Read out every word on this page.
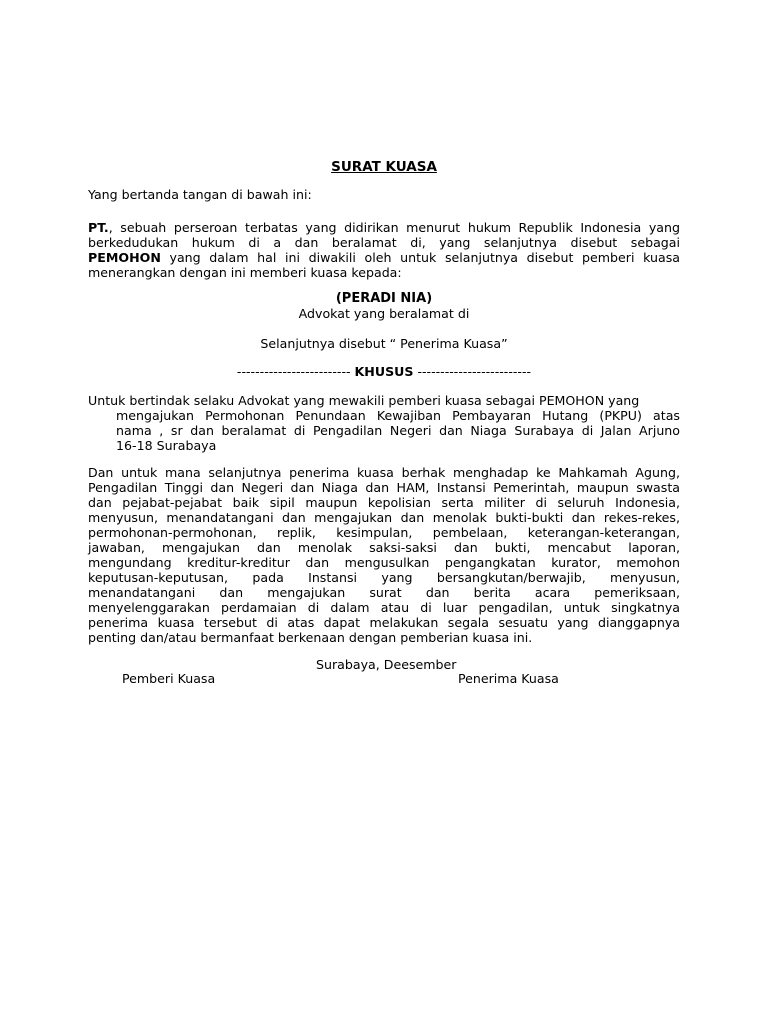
SURAT KUASA
Yang bertanda tangan di bawah ini:
PT., sebuah perseroan terbatas yang didirikan menurut hukum Republik Indonesia yang
berkedudukan hukum di a dan beralamat di, yang selanjutnya disebut sebagai
PEMOHON yang dalam hal ini diwakili oleh untuk selanjutnya disebut pemberi kuasa
menerangkan dengan ini memberi kuasa kepada:
(PERADI NIA)
Advokat yang beralamat di
Selanjutnya disebut “ Penerima Kuasa”
------------------------- KHUSUS -------------------------
Untuk bertindak selaku Advokat yang mewakili pemberi kuasa sebagai PEMOHON yang
mengajukan Permohonan Penundaan Kewajiban Pembayaran Hutang (PKPU) atas
nama , sr dan beralamat di Pengadilan Negeri dan Niaga Surabaya di Jalan Arjuno
16-18 Surabaya
Dan untuk mana selanjutnya penerima kuasa berhak menghadap ke Mahkamah Agung,
Pengadilan Tinggi dan Negeri dan Niaga dan HAM, Instansi Pemerintah, maupun swasta
dan pejabat-pejabat baik sipil maupun kepolisian serta militer di seluruh Indonesia,
menyusun, menandatangani dan mengajukan dan menolak bukti-bukti dan rekes-rekes,
permohonan-permohonan, replik, kesimpulan, pembelaan, keterangan-keterangan,
jawaban, mengajukan dan menolak saksi-saksi dan bukti, mencabut laporan,
mengundang kreditur-kreditur dan mengusulkan pengangkatan kurator, memohon
keputusan-keputusan, pada Instansi yang bersangkutan/berwajib, menyusun,
menandatangani dan mengajukan surat dan berita acara pemeriksaan,
menyelenggarakan perdamaian di dalam atau di luar pengadilan, untuk singkatnya
penerima kuasa tersebut di atas dapat melakukan segala sesuatu yang dianggapnya
penting dan/atau bermanfaat berkenaan dengan pemberian kuasa ini.
Surabaya, Deesember
Pemberi Kuasa	Penerima Kuasa
